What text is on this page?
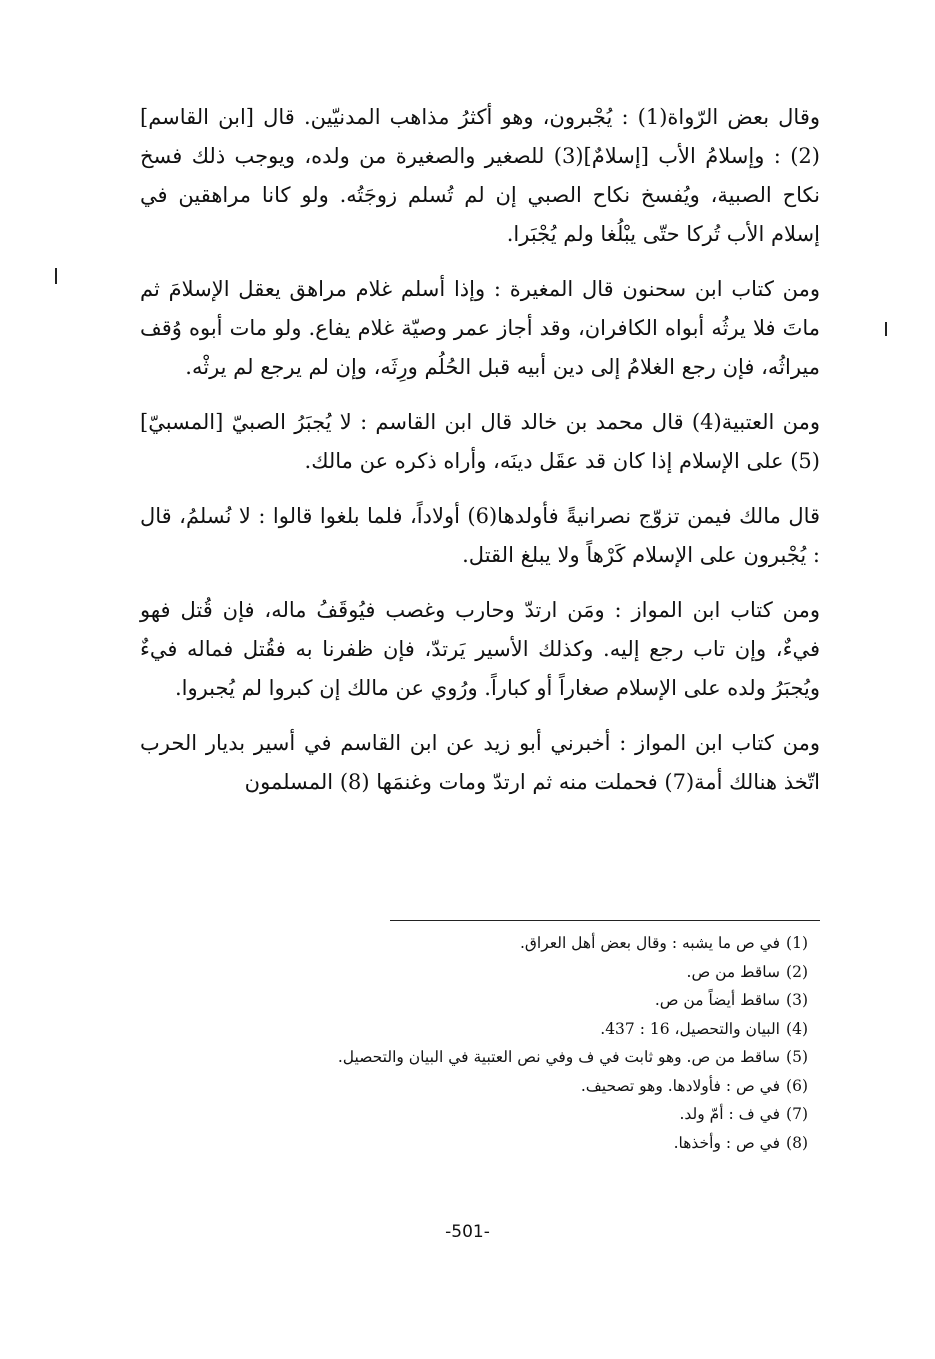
وقال بعض الرّواة(1) : يُجْبرون، وهو أكثرُ مذاهب المدنيّين. قال [ابن القاسم](2) : وإسلامُ الأب [إسلامٌ](3) للصغير والصغيرة من ولده، ويوجب ذلك فسخ نكاح الصبية، ويُفسخ نكاح الصبي إن لم تُسلم زوجَتُه. ولو كانا مراهقين في إسلام الأب تُركا حتّى يبْلُغا ولم يُجْبَرا.

ومن كتاب ابن سحنون قال المغيرة : وإذا أسلم غلام مراهق يعقل الإسلامَ ثم ماتَ فلا يرثُه أبواه الكافران، وقد أجاز عمر وصيّة غلام يفاع. ولو مات أبوه وُقف ميراثُه، فإن رجع الغلامُ إلى دين أبيه قبل الحُلُم ورِثَه، وإن لم يرجع لم يرثْه.

ومن العتبية(4) قال محمد بن خالد قال ابن القاسم : لا يُجبَرُ الصبيّ [المسبيّ](5) على الإسلام إذا كان قد عقَل دينَه، وأراه ذكره عن مالك.

قال مالك فيمن تزوّج نصرانيةً فأولدها(6) أولاداً، فلما بلغوا قالوا : لا نُسلمُ، قال : يُجْبرون على الإسلام كَرْهاً ولا يبلغ القتل.

ومن كتاب ابن المواز : ومَن ارتدّ وحارب وغصب فيُوقَفُ ماله، فإن قُتل فهو فيءٌ، وإن تاب رجع إليه. وكذلك الأسير يَرتدّ، فإن ظفرنا به فقُتل فماله فيءٌ ويُجبَرُ ولده على الإسلام صغاراً أو كباراً. ورُوي عن مالك إن كبروا لم يُجبروا.

ومن كتاب ابن المواز : أخبرني أبو زيد عن ابن القاسم في أسير بديار الحرب اتّخذ هنالك أمة(7) فحملت منه ثم ارتدّ ومات وغنمَها (8) المسلمون

(1)في ص ما يشبه : وقال بعض أهل العراق.

(2)ساقط من ص.

(3)ساقط أيضاً من ص.

(4)البيان والتحصيل، 16 : 437.

(5)ساقط من ص. وهو ثابت في ف وفي نص العتبية في البيان والتحصيل.

(6)في ص : فأولادها. وهو تصحيف.

(7)في ف : أمّ ولد.

(8)في ص : وأخذها.

-501-
